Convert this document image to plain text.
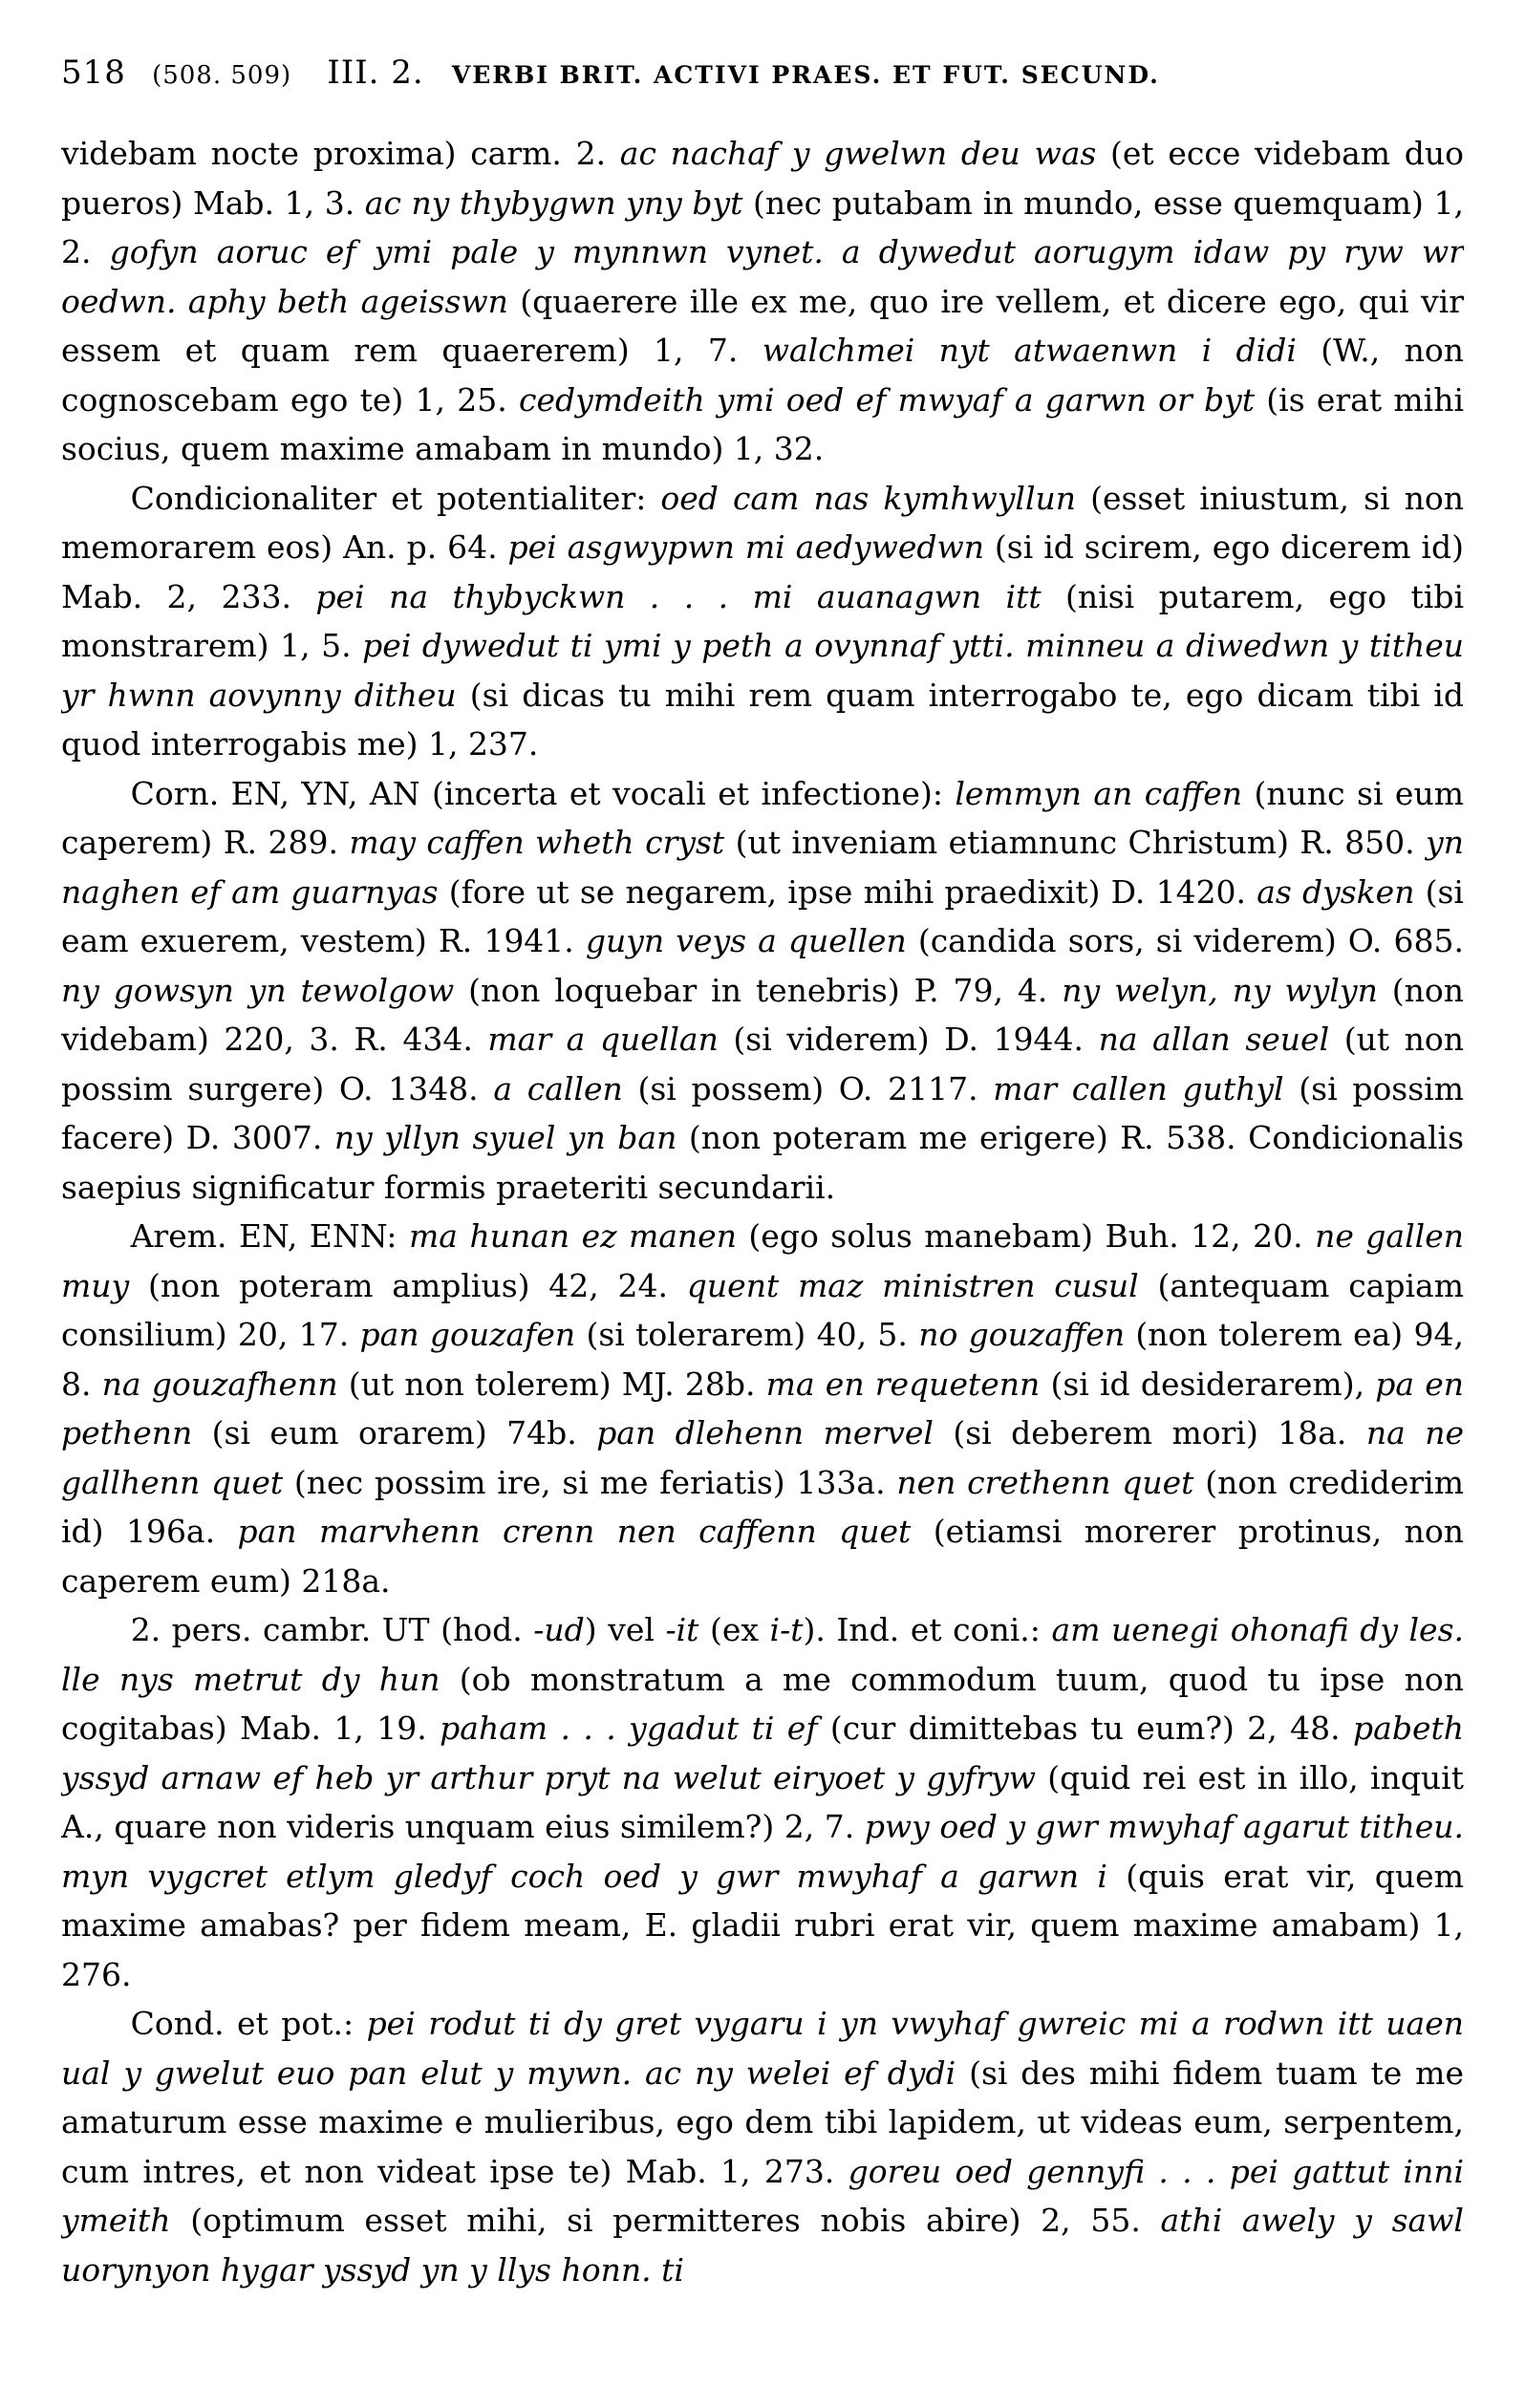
518 (508. 509) III. 2. VERBI BRIT. ACTIVI PRAES. ET FUT. SECUND.

videbam nocte proxima) carm. 2. ac nachaf y gwelwn deu was (et ecce videbam duo pueros) Mab. 1, 3. ac ny thybygwn yny byt (nec putabam in mundo, esse quemquam) 1, 2. gofyn aoruc ef ymi pale y mynnwn vynet. a dywedut aorugym idaw py ryw wr oedwn. aphy beth ageisswn (quaerere ille ex me, quo ire vellem, et dicere ego, qui vir essem et quam rem quaererem) 1, 7. walchmei nyt atwaenwn i didi (W., non cognoscebam ego te) 1, 25. cedymdeith ymi oed ef mwyaf a garwn or byt (is erat mihi socius, quem maxime amabam in mundo) 1, 32.

Condicionaliter et potentialiter: oed cam nas kymhwyllun (esset iniustum, si non memorarem eos) An. p. 64. pei asgwypwn mi aedywedwn (si id scirem, ego dicerem id) Mab. 2, 233. pei na thybyckwn . . . mi auanagwn itt (nisi putarem, ego tibi monstrarem) 1, 5. pei dywedut ti ymi y peth a ovynnaf ytti. minneu a diwedwn y titheu yr hwnn aovynny ditheu (si dicas tu mihi rem quam interrogabo te, ego dicam tibi id quod interrogabis me) 1, 237.

Corn. EN, YN, AN (incerta et vocali et infectione): lemmyn an caffen (nunc si eum caperem) R. 289. may caffen wheth cryst (ut inveniam etiamnunc Christum) R. 850. yn naghen ef am guarnyas (fore ut se negarem, ipse mihi praedixit) D. 1420. as dysken (si eam exuerem, vestem) R. 1941. guyn veys a quellen (candida sors, si viderem) O. 685. ny gowsyn yn tewolgow (non loquebar in tenebris) P. 79, 4. ny welyn, ny wylyn (non videbam) 220, 3. R. 434. mar a quellan (si viderem) D. 1944. na allan seuel (ut non possim surgere) O. 1348. a callen (si possem) O. 2117. mar callen guthyl (si possim facere) D. 3007. ny yllyn syuel yn ban (non poteram me erigere) R. 538. Condicionalis saepius significatur formis praeteriti secundarii.

Arem. EN, ENN: ma hunan ez manen (ego solus manebam) Buh. 12, 20. ne gallen muy (non poteram amplius) 42, 24. quent maz ministren cusul (antequam capiam consilium) 20, 17. pan gouzafen (si tolerarem) 40, 5. no gouzaffen (non tolerem ea) 94, 8. na gouzafhenn (ut non tolerem) MJ. 28b. ma en requetenn (si id desiderarem), pa en pethenn (si eum orarem) 74b. pan dlehenn mervel (si deberem mori) 18a. na ne gallhenn quet (nec possim ire, si me feriatis) 133a. nen crethenn quet (non crediderim id) 196a. pan marvhenn crenn nen caffenn quet (etiamsi morerer protinus, non caperem eum) 218a.

2. pers. cambr. UT (hod. -ud) vel -it (ex i-t). Ind. et coni.: am uenegi ohonafi dy les. lle nys metrut dy hun (ob monstratum a me commodum tuum, quod tu ipse non cogitabas) Mab. 1, 19. paham . . . ygadut ti ef (cur dimittebas tu eum?) 2, 48. pabeth yssyd arnaw ef heb yr arthur pryt na welut eiryoet y gyfryw (quid rei est in illo, inquit A., quare non videris unquam eius similem?) 2, 7. pwy oed y gwr mwyhaf agarut titheu. myn vygcret etlym gledyf coch oed y gwr mwyhaf a garwn i (quis erat vir, quem maxime amabas? per fidem meam, E. gladii rubri erat vir, quem maxime amabam) 1, 276.

Cond. et pot.: pei rodut ti dy gret vygaru i yn vwyhaf gwreic mi a rodwn itt uaen ual y gwelut euo pan elut y mywn. ac ny welei ef dydi (si des mihi fidem tuam te me amaturum esse maxime e mulieribus, ego dem tibi lapidem, ut videas eum, serpentem, cum intres, et non videat ipse te) Mab. 1, 273. goreu oed gennyfi . . . pei gattut inni ymeith (optimum esset mihi, si permitteres nobis abire) 2, 55. athi awely y sawl uorynyon hygar yssyd yn y llys honn. ti
